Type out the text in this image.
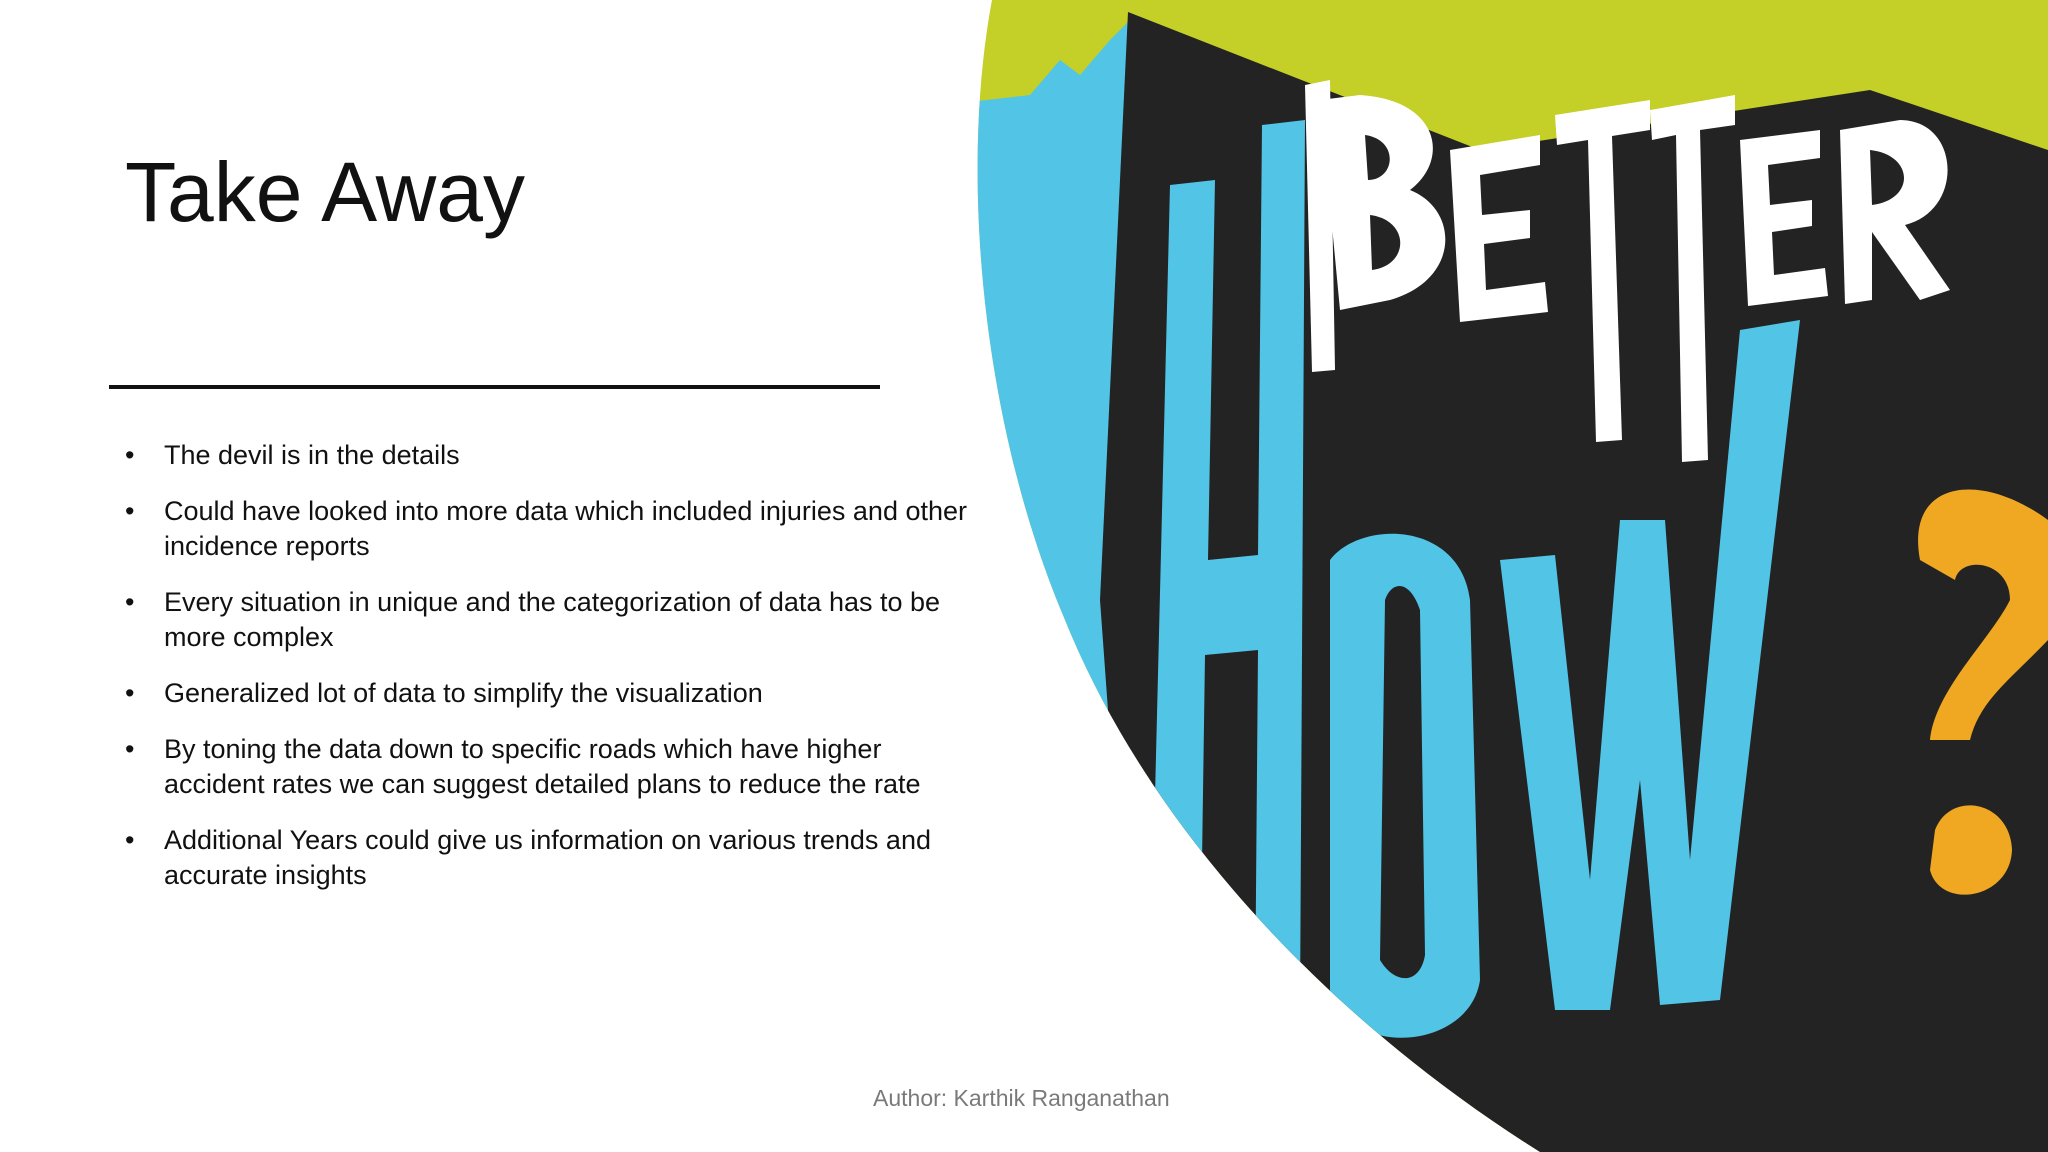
Take Away
•	The devil is in the details
•	Could have looked into more data which included injuries and other incidence reports
•	Every situation in unique and the categorization of data has to be more complex
•	Generalized lot of data to simplify the visualization
•	By toning the data down to specific roads which have higher accident rates we can suggest detailed plans to reduce the rate
•	Additional Years could give us information on various trends and accurate insights
Author: Karthik Ranganathan
